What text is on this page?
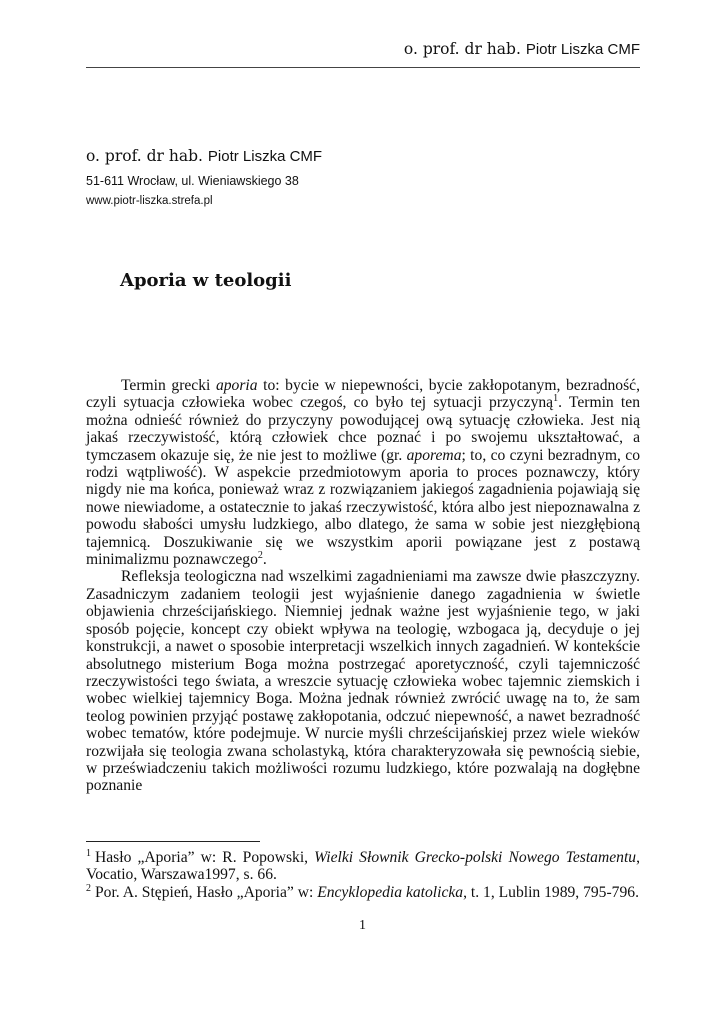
o. prof. dr hab. Piotr Liszka CMF
o. prof. dr hab. Piotr Liszka CMF
51-611 Wrocław, ul. Wieniawskiego 38
www.piotr-liszka.strefa.pl
Aporia w teologii

Termin grecki aporia to: bycie w niepewności, bycie zakłopotanym, bezradność, czyli sytuacja człowieka wobec czegoś, co było tej sytuacji przyczyną$^1$. Termin ten można odnieść również do przyczyny powodującej ową sytuację człowieka. Jest nią jakaś rzeczywistość, którą człowiek chce poznać i po swojemu ukształtować, a tymczasem okazuje się, że nie jest to możliwe (gr. aporema; to, co czyni bezradnym, co rodzi wątpliwość). W aspekcie przedmiotowym aporia to proces poznawczy, który nigdy nie ma końca, ponieważ wraz z rozwiązaniem jakiegoś zagadnienia pojawiają się nowe niewiadome, a ostatecznie to jakaś rzeczywistość, która albo jest niepoznawalna z powodu słabości umysłu ludzkiego, albo dlatego, że sama w sobie jest niezgłębioną tajemnicą. Doszukiwanie się we wszystkim aporii powiązane jest z postawą minimalizmu poznawczego$^2$.

Refleksja teologiczna nad wszelkimi zagadnieniami ma zawsze dwie płaszczyzny. Zasadniczym zadaniem teologii jest wyjaśnienie danego zagadnienia w świetle objawienia chrześcijańskiego. Niemniej jednak ważne jest wyjaśnienie tego, w jaki sposób pojęcie, koncept czy obiekt wpływa na teologię, wzbogaca ją, decyduje o jej konstrukcji, a nawet o sposobie interpretacji wszelkich innych zagadnień. W kontekście absolutnego misterium Boga można postrzegać aporetyczność, czyli tajemniczość rzeczywistości tego świata, a wreszcie sytuację człowieka wobec tajemnic ziemskich i wobec wielkiej tajemnicy Boga. Można jednak również zwrócić uwagę na to, że sam teolog powinien przyjąć postawę zakłopotania, odczuć niepewność, a nawet bezradność wobec tematów, które podejmuje. W nurcie myśli chrześcijańskiej przez wiele wieków rozwijała się teologia zwana scholastyką, która charakteryzowała się pewnością siebie, w przeświadczeniu takich możliwości rozumu ludzkiego, które pozwalają na dogłębne poznanie

$^1$ Hasło „Aporia” w: R. Popowski, Wielki Słownik Grecko-polski Nowego Testamentu, Vocatio, Warszawa1997, s. 66.

$^2$ Por. A. Stępień, Hasło „Aporia” w: Encyklopedia katolicka, t. 1, Lublin 1989, 795-796.

1
